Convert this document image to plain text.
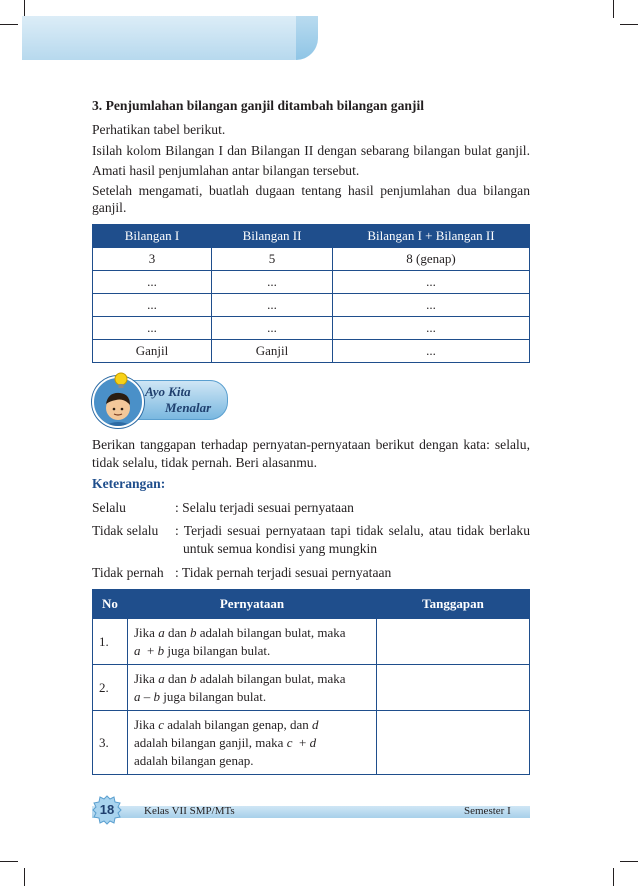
3. Penjumlahan bilangan ganjil ditambah bilangan ganjil
Perhatikan tabel berikut.
Isilah kolom Bilangan I dan Bilangan II dengan sebarang bilangan bulat ganjil.
Amati hasil penjumlahan antar bilangan tersebut.
Setelah mengamati, buatlah dugaan tentang hasil penjumlahan dua bilangan
ganjil.
Bilangan I	Bilangan II	Bilangan I + Bilangan II
3	5	8 (genap)
...	...	...
...	...	...
...	...	...
Ganjil	Ganjil	...
Ayo Kita
Menalar
Berikan tanggapan terhadap pernyatan-pernyataan berikut dengan kata: selalu,
tidak selalu, tidak pernah. Beri alasanmu.
Keterangan:
Selalu	: Selalu terjadi sesuai pernyataan
Tidak selalu : Terjadi sesuai pernyataan tapi tidak selalu, atau tidak berlaku
untuk semua kondisi yang mungkin
Tidak pernah : Tidak pernah terjadi sesuai pernyataan
No	Pernyataan	Tanggapan
1.	Jika a dan b adalah bilangan bulat, maka
a  + b juga bilangan bulat.	

2.	Jika a dan b adalah bilangan bulat, maka
a – b juga bilangan bulat.	

3.	Jika c adalah bilangan genap, dan d
adalah bilangan ganjil, maka c  + d
adalah bilangan genap.	

18	Kelas VII SMP/MTs	Semester I
